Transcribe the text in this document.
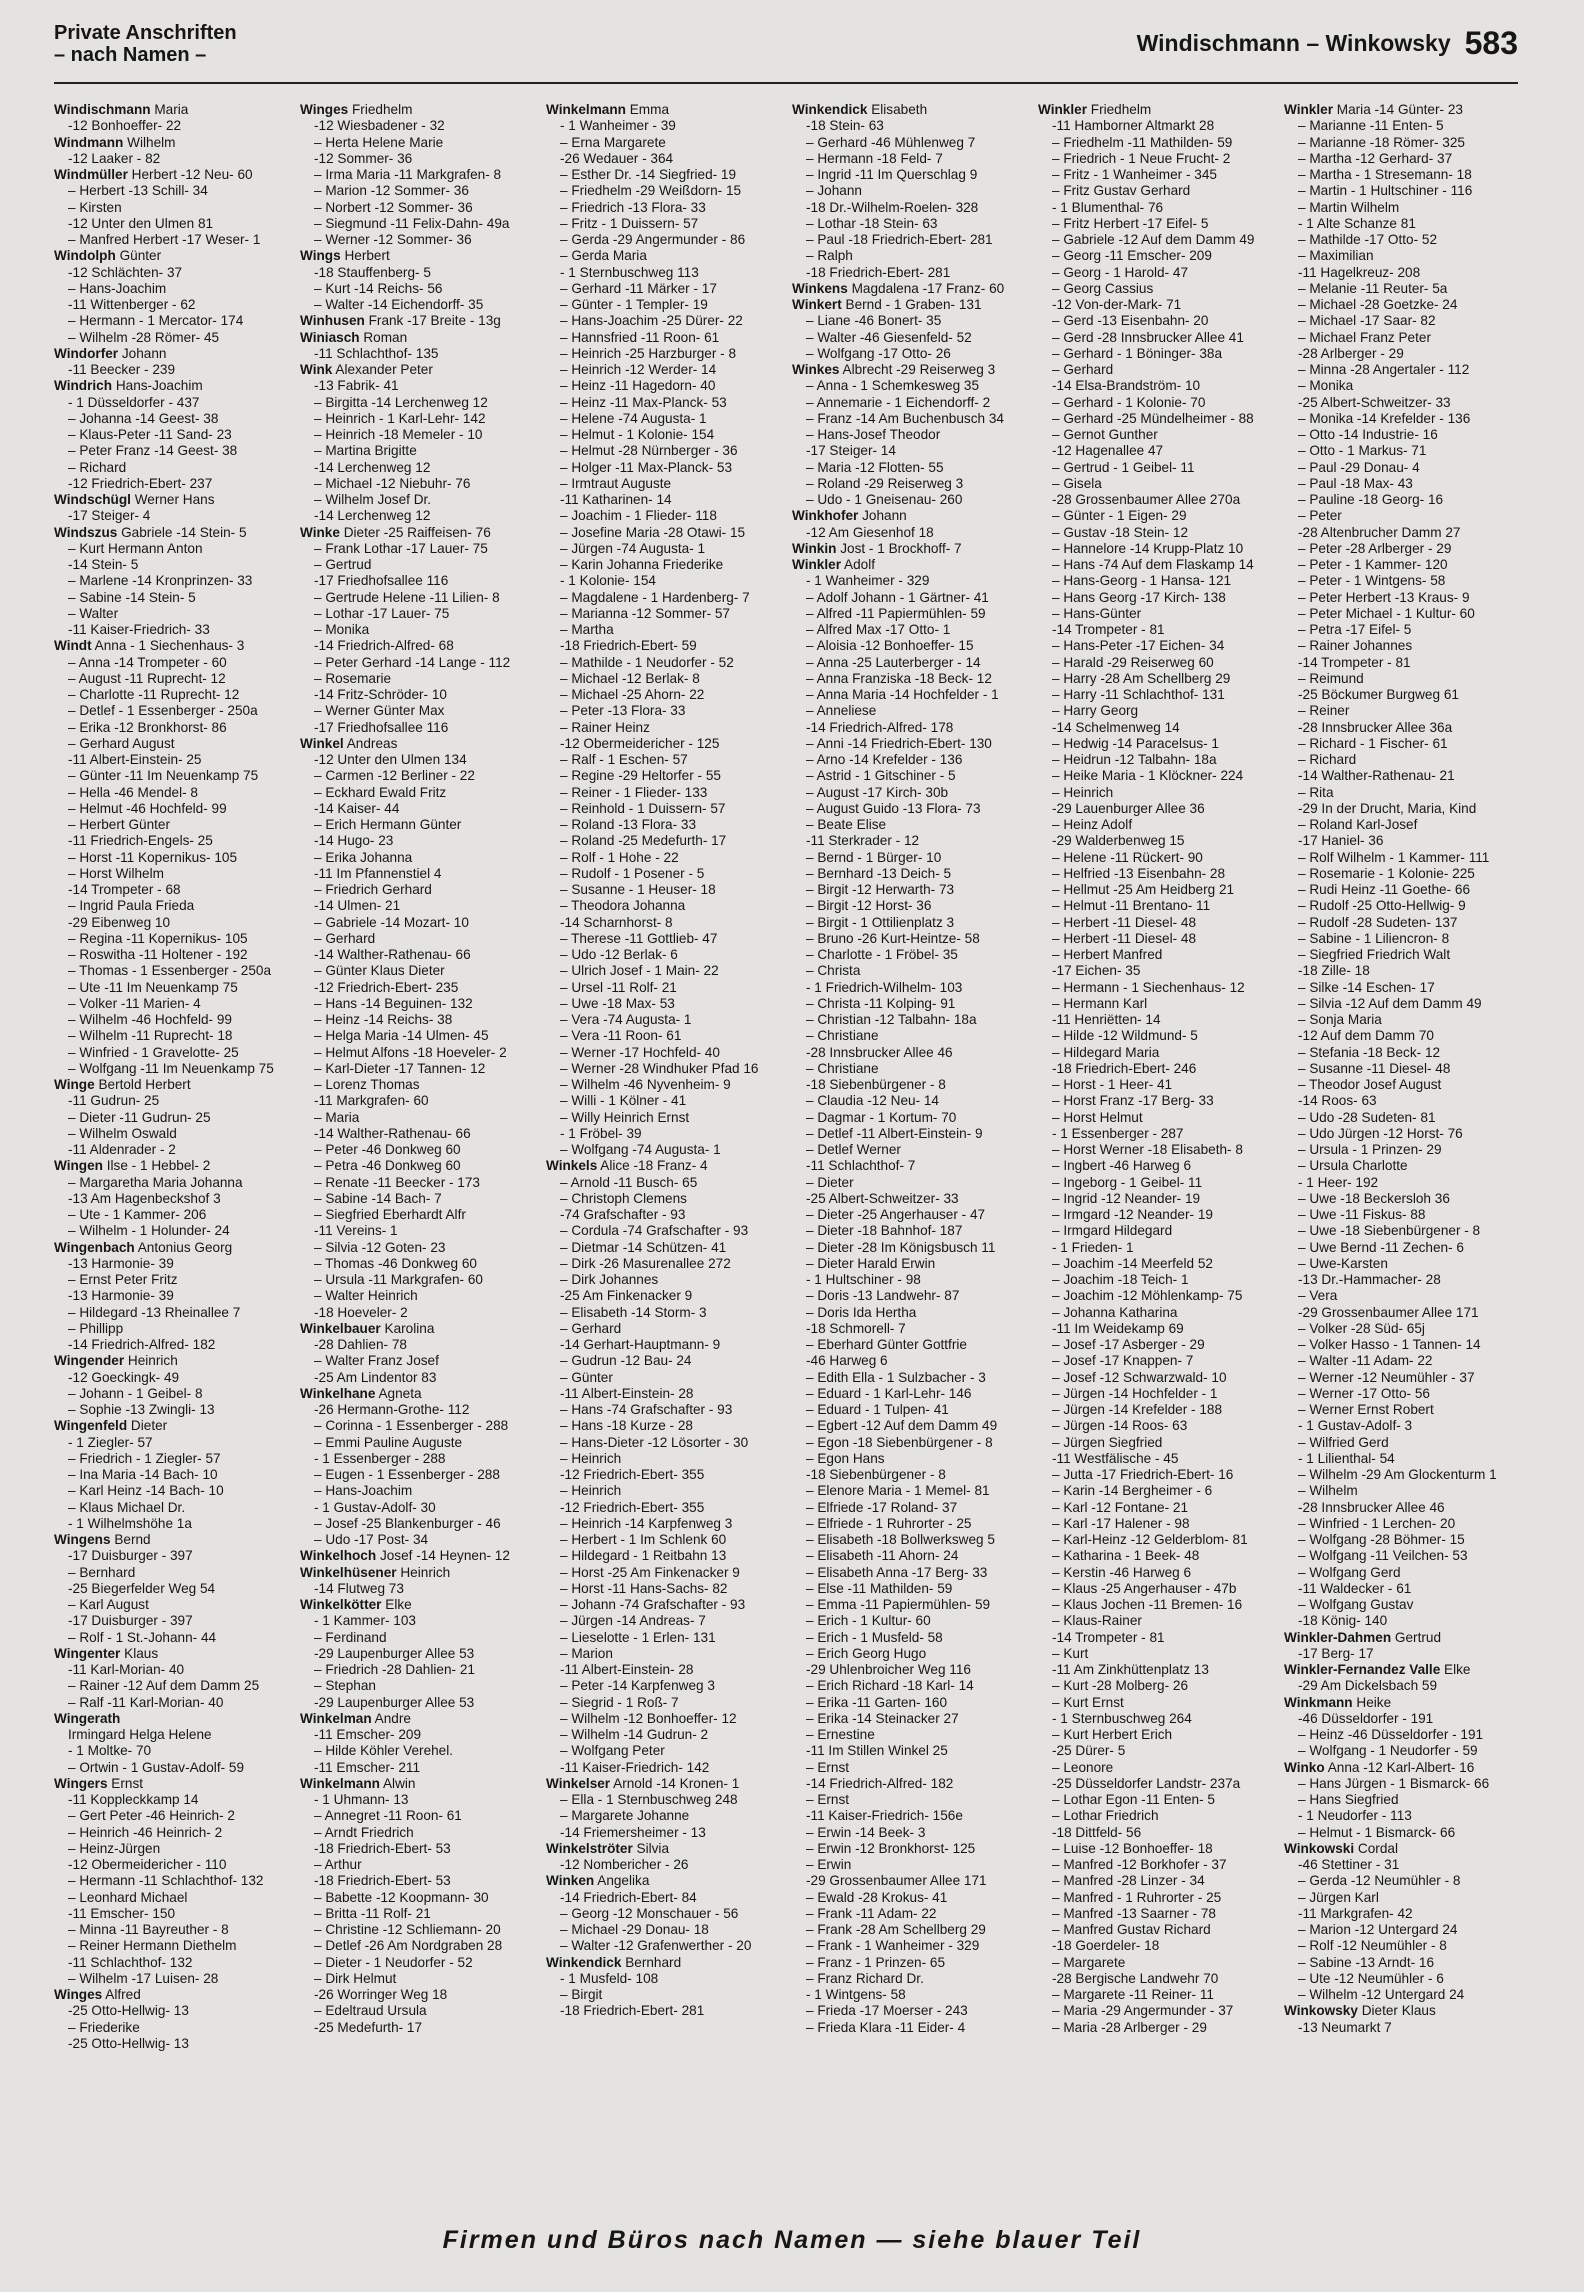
Private Anschriften
– nach Namen –	Windischmann – Winkowsky 583
Windischmann Maria
-12 Bonhoeffer- 22
Windmann Wilhelm
-12 Laaker - 82
Windmüller Herbert -12 Neu- 60
– Herbert -13 Schill- 34
– Kirsten
-12 Unter den Ulmen 81
– Manfred Herbert -17 Weser- 1
Windolph Günter
-12 Schlächten- 37
– Hans-Joachim
-11 Wittenberger - 62
– Hermann - 1 Mercator- 174
– Wilhelm -28 Römer- 45
Windorfer Johann
-11 Beecker - 239
Windrich Hans-Joachim
- 1 Düsseldorfer - 437
– Johanna -14 Geest- 38
– Klaus-Peter -11 Sand- 23
– Peter Franz -14 Geest- 38
– Richard
-12 Friedrich-Ebert- 237
Windschügl Werner Hans
-17 Steiger- 4
Windszus Gabriele -14 Stein- 5
– Kurt Hermann Anton
-14 Stein- 5
– Marlene -14 Kronprinzen- 33
– Sabine -14 Stein- 5
– Walter
-11 Kaiser-Friedrich- 33
Windt Anna - 1 Siechenhaus- 3
– Anna -14 Trompeter - 60
– August -11 Ruprecht- 12
– Charlotte -11 Ruprecht- 12
– Detlef - 1 Essenberger - 250a
– Erika -12 Bronkhorst- 86
– Gerhard August
-11 Albert-Einstein- 25
– Günter -11 Im Neuenkamp 75
– Hella -46 Mendel- 8
– Helmut -46 Hochfeld- 99
– Herbert Günter
-11 Friedrich-Engels- 25
– Horst -11 Kopernikus- 105
– Horst Wilhelm
-14 Trompeter - 68
– Ingrid Paula Frieda
-29 Eibenweg 10
– Regina -11 Kopernikus- 105
– Roswitha -11 Holtener - 192
– Thomas - 1 Essenberger - 250a
– Ute -11 Im Neuenkamp 75
– Volker -11 Marien- 4
– Wilhelm -46 Hochfeld- 99
– Wilhelm -11 Ruprecht- 18
– Winfried - 1 Gravelotte- 25
– Wolfgang -11 Im Neuenkamp 75
Winge Bertold Herbert
-11 Gudrun- 25
– Dieter -11 Gudrun- 25
– Wilhelm Oswald
-11 Aldenrader - 2
Wingen Ilse - 1 Hebbel- 2
– Margaretha Maria Johanna
-13 Am Hagenbeckshof 3
– Ute - 1 Kammer- 206
– Wilhelm - 1 Holunder- 24
Wingenbach Antonius Georg
-13 Harmonie- 39
– Ernst Peter Fritz
-13 Harmonie- 39
– Hildegard -13 Rheinallee 7
– Phillipp
-14 Friedrich-Alfred- 182
Wingender Heinrich
-12 Goeckingk- 49
– Johann - 1 Geibel- 8
– Sophie -13 Zwingli- 13
Wingenfeld Dieter
- 1 Ziegler- 57
– Friedrich - 1 Ziegler- 57
– Ina Maria -14 Bach- 10
– Karl Heinz -14 Bach- 10
– Klaus Michael Dr.
- 1 Wilhelmshöhe 1a
Wingens Bernd
-17 Duisburger - 397
– Bernhard
-25 Biegerfelder Weg 54
– Karl August
-17 Duisburger - 397
– Rolf - 1 St.-Johann- 44
Wingenter Klaus
-11 Karl-Morian- 40
– Rainer -12 Auf dem Damm 25
– Ralf -11 Karl-Morian- 40
Wingerath
Irmingard Helga Helene
- 1 Moltke- 70
– Ortwin - 1 Gustav-Adolf- 59
Wingers Ernst
-11 Koppleckkamp 14
– Gert Peter -46 Heinrich- 2
– Heinrich -46 Heinrich- 2
– Heinz-Jürgen
-12 Obermeidericher - 110
– Hermann -11 Schlachthof- 132
– Leonhard Michael
-11 Emscher- 150
– Minna -11 Bayreuther - 8
– Reiner Hermann Diethelm
-11 Schlachthof- 132
– Wilhelm -17 Luisen- 28
Winges Alfred
-25 Otto-Hellwig- 13
– Friederike
-25 Otto-Hellwig- 13
Winges Friedhelm
-12 Wiesbadener - 32
– Herta Helene Marie
-12 Sommer- 36
– Irma Maria -11 Markgrafen- 8
– Marion -12 Sommer- 36
– Norbert -12 Sommer- 36
– Siegmund -11 Felix-Dahn- 49a
– Werner -12 Sommer- 36
Wings Herbert
-18 Stauffenberg- 5
– Kurt -14 Reichs- 56
– Walter -14 Eichendorff- 35
Winhusen Frank -17 Breite - 13g
Winiasch Roman
-11 Schlachthof- 135
Wink Alexander Peter
-13 Fabrik- 41
– Birgitta -14 Lerchenweg 12
– Heinrich - 1 Karl-Lehr- 142
– Heinrich -18 Memeler - 10
– Martina Brigitte
-14 Lerchenweg 12
– Michael -12 Niebuhr- 76
– Wilhelm Josef Dr.
-14 Lerchenweg 12
Winke Dieter -25 Raiffeisen- 76
– Frank Lothar -17 Lauer- 75
– Gertrud
-17 Friedhofsallee 116
– Gertrude Helene -11 Lilien- 8
– Lothar -17 Lauer- 75
– Monika
-14 Friedrich-Alfred- 68
– Peter Gerhard -14 Lange - 112
– Rosemarie
-14 Fritz-Schröder- 10
– Werner Günter Max
-17 Friedhofsallee 116
Winkel Andreas
-12 Unter den Ulmen 134
– Carmen -12 Berliner - 22
– Eckhard Ewald Fritz
-14 Kaiser- 44
– Erich Hermann Günter
-14 Hugo- 23
– Erika Johanna
-11 Im Pfannenstiel 4
– Friedrich Gerhard
-14 Ulmen- 21
– Gabriele -14 Mozart- 10
– Gerhard
-14 Walther-Rathenau- 66
– Günter Klaus Dieter
-12 Friedrich-Ebert- 235
– Hans -14 Beguinen- 132
– Heinz -14 Reichs- 38
– Helga Maria -14 Ulmen- 45
– Helmut Alfons -18 Hoeveler- 2
– Karl-Dieter -17 Tannen- 12
– Lorenz Thomas
-11 Markgrafen- 60
– Maria
-14 Walther-Rathenau- 66
– Peter -46 Donkweg 60
– Petra -46 Donkweg 60
– Renate -11 Beecker - 173
– Sabine -14 Bach- 7
– Siegfried Eberhardt Alfr
-11 Vereins- 1
– Silvia -12 Goten- 23
– Thomas -46 Donkweg 60
– Ursula -11 Markgrafen- 60
– Walter Heinrich
-18 Hoeveler- 2
Winkelbauer Karolina
-28 Dahlien- 78
– Walter Franz Josef
-25 Am Lindentor 83
Winkelhane Agneta
-26 Hermann-Grothe- 112
– Corinna - 1 Essenberger - 288
– Emmi Pauline Auguste
- 1 Essenberger - 288
– Eugen - 1 Essenberger - 288
– Hans-Joachim
- 1 Gustav-Adolf- 30
– Josef -25 Blankenburger - 46
– Udo -17 Post- 34
Winkelhoch Josef -14 Heynen- 12
Winkelhüsener Heinrich
-14 Flutweg 73
Winkelkötter Elke
- 1 Kammer- 103
– Ferdinand
-29 Laupenburger Allee 53
– Friedrich -28 Dahlien- 21
– Stephan
-29 Laupenburger Allee 53
Winkelman Andre
-11 Emscher- 209
– Hilde Köhler Verehel.
-11 Emscher- 211
Winkelmann Alwin
- 1 Uhmann- 13
– Annegret -11 Roon- 61
– Arndt Friedrich
-18 Friedrich-Ebert- 53
– Arthur
-18 Friedrich-Ebert- 53
– Babette -12 Koopmann- 30
– Britta -11 Rolf- 21
– Christine -12 Schliemann- 20
– Detlef -26 Am Nordgraben 28
– Dieter - 1 Neudorfer - 52
– Dirk Helmut
-26 Worringer Weg 18
– Edeltraud Ursula
-25 Medefurth- 17
Winkelmann Emma
- 1 Wanheimer - 39
– Erna Margarete
-26 Wedauer - 364
– Esther Dr. -14 Siegfried- 19
– Friedhelm -29 Weißdorn- 15
– Friedrich -13 Flora- 33
– Fritz - 1 Duissern- 57
– Gerda -29 Angermunder - 86
– Gerda Maria
- 1 Sternbuschweg 113
– Gerhard -11 Märker - 17
– Günter - 1 Templer- 19
– Hans-Joachim -25 Dürer- 22
– Hannsfried -11 Roon- 61
– Heinrich -25 Harzburger - 8
– Heinrich -12 Werder- 14
– Heinz -11 Hagedorn- 40
– Heinz -11 Max-Planck- 53
– Helene -74 Augusta- 1
– Helmut - 1 Kolonie- 154
– Helmut -28 Nürnberger - 36
– Holger -11 Max-Planck- 53
– Irmtraut Auguste
-11 Katharinen- 14
– Joachim - 1 Flieder- 118
– Josefine Maria -28 Otawi- 15
– Jürgen -74 Augusta- 1
– Karin Johanna Friederike
- 1 Kolonie- 154
– Magdalene - 1 Hardenberg- 7
– Marianna -12 Sommer- 57
– Martha
-18 Friedrich-Ebert- 59
– Mathilde - 1 Neudorfer - 52
– Michael -12 Berlak- 8
– Michael -25 Ahorn- 22
– Peter -13 Flora- 33
– Rainer Heinz
-12 Obermeidericher - 125
– Ralf - 1 Eschen- 57
– Regine -29 Heltorfer - 55
– Reiner - 1 Flieder- 133
– Reinhold - 1 Duissern- 57
– Roland -13 Flora- 33
– Roland -25 Medefurth- 17
– Rolf - 1 Hohe - 22
– Rudolf - 1 Posener - 5
– Susanne - 1 Heuser- 18
– Theodora Johanna
-14 Scharnhorst- 8
– Therese -11 Gottlieb- 47
– Udo -12 Berlak- 6
– Ulrich Josef - 1 Main- 22
– Ursel -11 Rolf- 21
– Uwe -18 Max- 53
– Vera -74 Augusta- 1
– Vera -11 Roon- 61
– Werner -17 Hochfeld- 40
– Werner -28 Windhuker Pfad 16
– Wilhelm -46 Nyvenheim- 9
– Willi - 1 Kölner - 41
– Willy Heinrich Ernst
- 1 Fröbel- 39
– Wolfgang -74 Augusta- 1
Winkels Alice -18 Franz- 4
– Arnold -11 Busch- 65
– Christoph Clemens
-74 Grafschafter - 93
– Cordula -74 Grafschafter - 93
– Dietmar -14 Schützen- 41
– Dirk -26 Masurenallee 272
– Dirk Johannes
-25 Am Finkenacker 9
– Elisabeth -14 Storm- 3
– Gerhard
-14 Gerhart-Hauptmann- 9
– Gudrun -12 Bau- 24
– Günter
-11 Albert-Einstein- 28
– Hans -74 Grafschafter - 93
– Hans -18 Kurze - 28
– Hans-Dieter -12 Lösorter - 30
– Heinrich
-12 Friedrich-Ebert- 355
– Heinrich
-12 Friedrich-Ebert- 355
– Heinrich -14 Karpfenweg 3
– Herbert - 1 Im Schlenk 60
– Hildegard - 1 Reitbahn 13
– Horst -25 Am Finkenacker 9
– Horst -11 Hans-Sachs- 82
– Johann -74 Grafschafter - 93
– Jürgen -14 Andreas- 7
– Lieselotte - 1 Erlen- 131
– Marion
-11 Albert-Einstein- 28
– Peter -14 Karpfenweg 3
– Siegrid - 1 Roß- 7
– Wilhelm -12 Bonhoeffer- 12
– Wilhelm -14 Gudrun- 2
– Wolfgang Peter
-11 Kaiser-Friedrich- 142
Winkelser Arnold -14 Kronen- 1
– Ella - 1 Sternbuschweg 248
– Margarete Johanne
-14 Friemersheimer - 13
Winkelströter Silvia
-12 Nombericher - 26
Winken Angelika
-14 Friedrich-Ebert- 84
– Georg -12 Monschauer - 56
– Michael -29 Donau- 18
– Walter -12 Grafenwerther - 20
Winkendick Bernhard
- 1 Musfeld- 108
– Birgit
-18 Friedrich-Ebert- 281
Winkendick Elisabeth
-18 Stein- 63
– Gerhard -46 Mühlenweg 7
– Hermann -18 Feld- 7
– Ingrid -11 Im Querschlag 9
– Johann
-18 Dr.-Wilhelm-Roelen- 328
– Lothar -18 Stein- 63
– Paul -18 Friedrich-Ebert- 281
– Ralph
-18 Friedrich-Ebert- 281
Winkens Magdalena -17 Franz- 60
Winkert Bernd - 1 Graben- 131
– Liane -46 Bonert- 35
– Walter -46 Giesenfeld- 52
– Wolfgang -17 Otto- 26
Winkes Albrecht -29 Reiserweg 3
– Anna - 1 Schemkesweg 35
– Annemarie - 1 Eichendorff- 2
– Franz -14 Am Buchenbusch 34
– Hans-Josef Theodor
-17 Steiger- 14
– Maria -12 Flotten- 55
– Roland -29 Reiserweg 3
– Udo - 1 Gneisenau- 260
Winkhofer Johann
-12 Am Giesenhof 18
Winkin Jost - 1 Brockhoff- 7
Winkler Adolf
- 1 Wanheimer - 329
– Adolf Johann - 1 Gärtner- 41
– Alfred -11 Papiermühlen- 59
– Alfred Max -17 Otto- 1
– Aloisia -12 Bonhoeffer- 15
– Anna -25 Lauterberger - 14
– Anna Franziska -18 Beck- 12
– Anna Maria -14 Hochfelder - 1
– Anneliese
-14 Friedrich-Alfred- 178
– Anni -14 Friedrich-Ebert- 130
– Arno -14 Krefelder - 136
– Astrid - 1 Gitschiner - 5
– August -17 Kirch- 30b
– August Guido -13 Flora- 73
– Beate Elise
-11 Sterkrader - 12
– Bernd - 1 Bürger- 10
– Bernhard -13 Deich- 5
– Birgit -12 Herwarth- 73
– Birgit -12 Horst- 36
– Birgit - 1 Ottilienplatz 3
– Bruno -26 Kurt-Heintze- 58
– Charlotte - 1 Fröbel- 35
– Christa
- 1 Friedrich-Wilhelm- 103
– Christa -11 Kolping- 91
– Christian -12 Talbahn- 18a
– Christiane
-28 Innsbrucker Allee 46
– Christiane
-18 Siebenbürgener - 8
– Claudia -12 Neu- 14
– Dagmar - 1 Kortum- 70
– Detlef -11 Albert-Einstein- 9
– Detlef Werner
-11 Schlachthof- 7
– Dieter
-25 Albert-Schweitzer- 33
– Dieter -25 Angerhauser - 47
– Dieter -18 Bahnhof- 187
– Dieter -28 Im Königsbusch 11
– Dieter Harald Erwin
- 1 Hultschiner - 98
– Doris -13 Landwehr- 87
– Doris Ida Hertha
-18 Schmorell- 7
– Eberhard Günter Gottfrie
-46 Harweg 6
– Edith Ella - 1 Sulzbacher - 3
– Eduard - 1 Karl-Lehr- 146
– Eduard - 1 Tulpen- 41
– Egbert -12 Auf dem Damm 49
– Egon -18 Siebenbürgener - 8
– Egon Hans
-18 Siebenbürgener - 8
– Elenore Maria - 1 Memel- 81
– Elfriede -17 Roland- 37
– Elfriede - 1 Ruhrorter - 25
– Elisabeth -18 Bollwerksweg 5
– Elisabeth -11 Ahorn- 24
– Elisabeth Anna -17 Berg- 33
– Else -11 Mathilden- 59
– Emma -11 Papiermühlen- 59
– Erich - 1 Kultur- 60
– Erich - 1 Musfeld- 58
– Erich Georg Hugo
-29 Uhlenbroicher Weg 116
– Erich Richard -18 Karl- 14
– Erika -11 Garten- 160
– Erika -14 Steinacker 27
– Ernestine
-11 Im Stillen Winkel 25
– Ernst
-14 Friedrich-Alfred- 182
– Ernst
-11 Kaiser-Friedrich- 156e
– Erwin -14 Beek- 3
– Erwin -12 Bronkhorst- 125
– Erwin
-29 Grossenbaumer Allee 171
– Ewald -28 Krokus- 41
– Frank -11 Adam- 22
– Frank -28 Am Schellberg 29
– Frank - 1 Wanheimer - 329
– Franz - 1 Prinzen- 65
– Franz Richard Dr.
- 1 Wintgens- 58
– Frieda -17 Moerser - 243
– Frieda Klara -11 Eider- 4
Winkler Friedhelm
-11 Hamborner Altmarkt 28
– Friedhelm -11 Mathilden- 59
– Friedrich - 1 Neue Frucht- 2
– Fritz - 1 Wanheimer - 345
– Fritz Gustav Gerhard
- 1 Blumenthal- 76
– Fritz Herbert -17 Eifel- 5
– Gabriele -12 Auf dem Damm 49
– Georg -11 Emscher- 209
– Georg - 1 Harold- 47
– Georg Cassius
-12 Von-der-Mark- 71
– Gerd -13 Eisenbahn- 20
– Gerd -28 Innsbrucker Allee 41
– Gerhard - 1 Böninger- 38a
– Gerhard
-14 Elsa-Brandström- 10
– Gerhard - 1 Kolonie- 70
– Gerhard -25 Mündelheimer - 88
– Gernot Gunther
-12 Hagenallee 47
– Gertrud - 1 Geibel- 11
– Gisela
-28 Grossenbaumer Allee 270a
– Günter - 1 Eigen- 29
– Gustav -18 Stein- 12
– Hannelore -14 Krupp-Platz 10
– Hans -74 Auf dem Flaskamp 14
– Hans-Georg - 1 Hansa- 121
– Hans Georg -17 Kirch- 138
– Hans-Günter
-14 Trompeter - 81
– Hans-Peter -17 Eichen- 34
– Harald -29 Reiserweg 60
– Harry -28 Am Schellberg 29
– Harry -11 Schlachthof- 131
– Harry Georg
-14 Schelmenweg 14
– Hedwig -14 Paracelsus- 1
– Heidrun -12 Talbahn- 18a
– Heike Maria - 1 Klöckner- 224
– Heinrich
-29 Lauenburger Allee 36
– Heinz Adolf
-29 Walderbenweg 15
– Helene -11 Rückert- 90
– Helfried -13 Eisenbahn- 28
– Hellmut -25 Am Heidberg 21
– Helmut -11 Brentano- 11
– Herbert -11 Diesel- 48
– Herbert -11 Diesel- 48
– Herbert Manfred
-17 Eichen- 35
– Hermann - 1 Siechenhaus- 12
– Hermann Karl
-11 Henriëtten- 14
– Hilde -12 Wildmund- 5
– Hildegard Maria
-18 Friedrich-Ebert- 246
– Horst - 1 Heer- 41
– Horst Franz -17 Berg- 33
– Horst Helmut
- 1 Essenberger - 287
– Horst Werner -18 Elisabeth- 8
– Ingbert -46 Harweg 6
– Ingeborg - 1 Geibel- 11
– Ingrid -12 Neander- 19
– Irmgard -12 Neander- 19
– Irmgard Hildegard
- 1 Frieden- 1
– Joachim -14 Meerfeld 52
– Joachim -18 Teich- 1
– Joachim -12 Möhlenkamp- 75
– Johanna Katharina
-11 Im Weidekamp 69
– Josef -17 Asberger - 29
– Josef -17 Knappen- 7
– Josef -12 Schwarzwald- 10
– Jürgen -14 Hochfelder - 1
– Jürgen -14 Krefelder - 188
– Jürgen -14 Roos- 63
– Jürgen Siegfried
-11 Westfälische - 45
– Jutta -17 Friedrich-Ebert- 16
– Karin -14 Bergheimer - 6
– Karl -12 Fontane- 21
– Karl -17 Halener - 98
– Karl-Heinz -12 Gelderblom- 81
– Katharina - 1 Beek- 48
– Kerstin -46 Harweg 6
– Klaus -25 Angerhauser - 47b
– Klaus Jochen -11 Bremen- 16
– Klaus-Rainer
-14 Trompeter - 81
– Kurt
-11 Am Zinkhüttenplatz 13
– Kurt -28 Molberg- 26
– Kurt Ernst
- 1 Sternbuschweg 264
– Kurt Herbert Erich
-25 Dürer- 5
– Leonore
-25 Düsseldorfer Landstr- 237a
– Lothar Egon -11 Enten- 5
– Lothar Friedrich
-18 Dittfeld- 56
– Luise -12 Bonhoeffer- 18
– Manfred -12 Borkhofer - 37
– Manfred -28 Linzer - 34
– Manfred - 1 Ruhrorter - 25
– Manfred -13 Saarner - 78
– Manfred Gustav Richard
-18 Goerdeler- 18
– Margarete
-28 Bergische Landwehr 70
– Margarete -11 Reiner- 11
– Maria -29 Angermunder - 37
– Maria -28 Arlberger - 29
Winkler Maria -14 Günter- 23
– Marianne -11 Enten- 5
– Marianne -18 Römer- 325
– Martha -12 Gerhard- 37
– Martha - 1 Stresemann- 18
– Martin - 1 Hultschiner - 116
– Martin Wilhelm
- 1 Alte Schanze 81
– Mathilde -17 Otto- 52
– Maximilian
-11 Hagelkreuz- 208
– Melanie -11 Reuter- 5a
– Michael -28 Goetzke- 24
– Michael -17 Saar- 82
– Michael Franz Peter
-28 Arlberger - 29
– Minna -28 Angertaler - 112
– Monika
-25 Albert-Schweitzer- 33
– Monika -14 Krefelder - 136
– Otto -14 Industrie- 16
– Otto - 1 Markus- 71
– Paul -29 Donau- 4
– Paul -18 Max- 43
– Pauline -18 Georg- 16
– Peter
-28 Altenbrucher Damm 27
– Peter -28 Arlberger - 29
– Peter - 1 Kammer- 120
– Peter - 1 Wintgens- 58
– Peter Herbert -13 Kraus- 9
– Peter Michael - 1 Kultur- 60
– Petra -17 Eifel- 5
– Rainer Johannes
-14 Trompeter - 81
– Reimund
-25 Böckumer Burgweg 61
– Reiner
-28 Innsbrucker Allee 36a
– Richard - 1 Fischer- 61
– Richard
-14 Walther-Rathenau- 21
– Rita
-29 In der Drucht, Maria, Kind
– Roland Karl-Josef
-17 Haniel- 36
– Rolf Wilhelm - 1 Kammer- 111
– Rosemarie - 1 Kolonie- 225
– Rudi Heinz -11 Goethe- 66
– Rudolf -25 Otto-Hellwig- 9
– Rudolf -28 Sudeten- 137
– Sabine - 1 Liliencron- 8
– Siegfried Friedrich Walt
-18 Zille- 18
– Silke -14 Eschen- 17
– Silvia -12 Auf dem Damm 49
– Sonja Maria
-12 Auf dem Damm 70
– Stefania -18 Beck- 12
– Susanne -11 Diesel- 48
– Theodor Josef August
-14 Roos- 63
– Udo -28 Sudeten- 81
– Udo Jürgen -12 Horst- 76
– Ursula - 1 Prinzen- 29
– Ursula Charlotte
- 1 Heer- 192
– Uwe -18 Beckersloh 36
– Uwe -11 Fiskus- 88
– Uwe -18 Siebenbürgener - 8
– Uwe Bernd -11 Zechen- 6
– Uwe-Karsten
-13 Dr.-Hammacher- 28
– Vera
-29 Grossenbaumer Allee 171
– Volker -28 Süd- 65j
– Volker Hasso - 1 Tannen- 14
– Walter -11 Adam- 22
– Werner -12 Neumühler - 37
– Werner -17 Otto- 56
– Werner Ernst Robert
- 1 Gustav-Adolf- 3
– Wilfried Gerd
- 1 Lilienthal- 54
– Wilhelm -29 Am Glockenturm 1
– Wilhelm
-28 Innsbrucker Allee 46
– Winfried - 1 Lerchen- 20
– Wolfgang -28 Böhmer- 15
– Wolfgang -11 Veilchen- 53
– Wolfgang Gerd
-11 Waldecker - 61
– Wolfgang Gustav
-18 König- 140
Winkler-Dahmen Gertrud
-17 Berg- 17
Winkler-Fernandez Valle Elke
-29 Am Dickelsbach 59
Winkmann Heike
-46 Düsseldorfer - 191
– Heinz -46 Düsseldorfer - 191
– Wolfgang - 1 Neudorfer - 59
Winko Anna -12 Karl-Albert- 16
– Hans Jürgen - 1 Bismarck- 66
– Hans Siegfried
- 1 Neudorfer - 113
– Helmut - 1 Bismarck- 66
Winkowski Cordal
-46 Stettiner - 31
– Gerda -12 Neumühler - 8
– Jürgen Karl
-11 Markgrafen- 42
– Marion -12 Untergard 24
– Rolf -12 Neumühler - 8
– Sabine -13 Arndt- 16
– Ute -12 Neumühler - 6
– Wilhelm -12 Untergard 24
Winkowsky Dieter Klaus
-13 Neumarkt 7
Firmen und Büros nach Namen — siehe blauer Teil
